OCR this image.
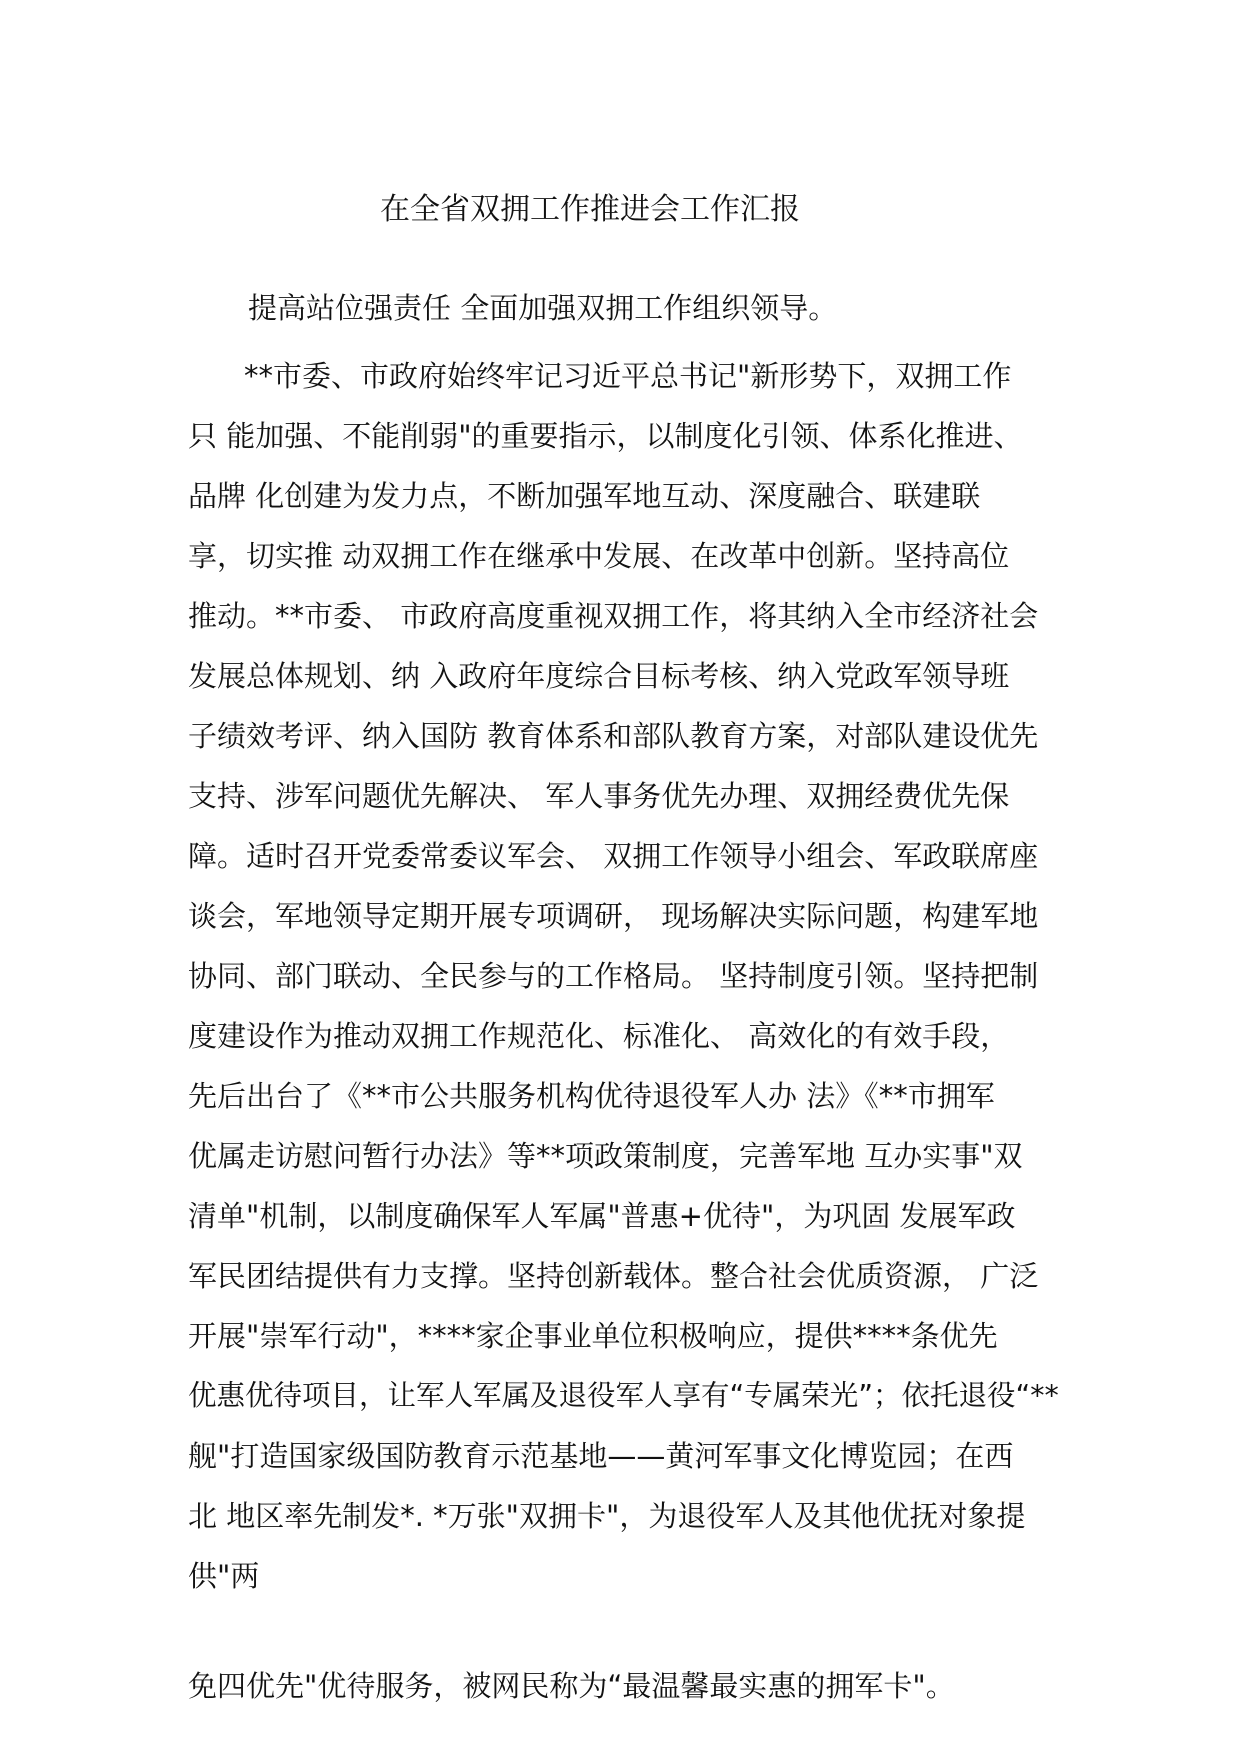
在全省双拥工作推进会工作汇报
提高站位强责任 全面加强双拥工作组织领导。
**市委、市政府始终牢记习近平总书记"新形势下，双拥工作
只 能加强、不能削弱"的重要指示，以制度化引领、体系化推进、
品牌 化创建为发力点，不断加强军地互动、深度融合、联建联
享，切实推 动双拥工作在继承中发展、在改革中创新。坚持高位
推动。**市委、 市政府高度重视双拥工作，将其纳入全市经济社会
发展总体规划、纳 入政府年度综合目标考核、纳入党政军领导班
子绩效考评、纳入国防 教育体系和部队教育方案，对部队建设优先
支持、涉军问题优先解决、 军人事务优先办理、双拥经费优先保
障。适时召开党委常委议军会、 双拥工作领导小组会、军政联席座
谈会，军地领导定期开展专项调研， 现场解决实际问题，构建军地
协同、部门联动、全民参与的工作格局。 坚持制度引领。坚持把制
度建设作为推动双拥工作规范化、标准化、 高效化的有效手段，
先后出台了《**市公共服务机构优待退役军人办 法》《**市拥军
优属走访慰问暂行办法》等**项政策制度，完善军地 互办实事"双
清单"机制，以制度确保军人军属"普惠+优待"，为巩固 发展军政
军民团结提供有力支撑。坚持创新载体。整合社会优质资源， 广泛
开展"崇军行动"，****家企事业单位积极响应，提供****条优先
优惠优待项目，让军人军属及退役军人享有“专属荣光”；依托退役“**
舰"打造国家级国防教育示范基地——黄河军事文化博览园；在西
北 地区率先制发*. *万张"双拥卡"，为退役军人及其他优抚对象提
供"两
免四优先"优待服务，被网民称为“最温馨最实惠的拥军卡"。
